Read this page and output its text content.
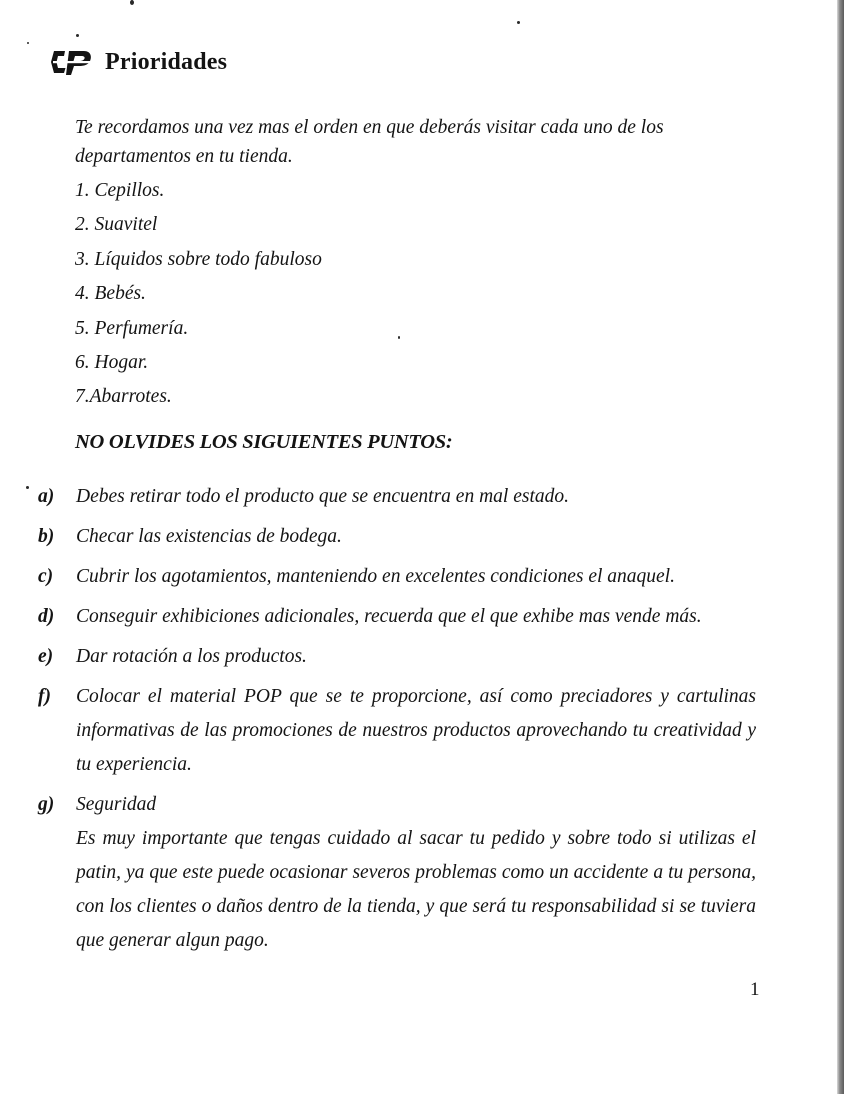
Prioridades

Te recordamos una vez mas el orden en que deberás visitar cada uno de los departamentos en tu tienda.

1. Cepillos.
2. Suavitel
3. Líquidos sobre todo fabuloso
4. Bebés.
5. Perfumería.
6. Hogar.
7.Abarrotes.
NO OLVIDES LOS SIGUIENTES PUNTOS:
a)	Debes retirar todo el producto que se encuentra en mal estado.
b)	Checar las existencias de bodega.
c)	Cubrir los agotamientos, manteniendo en excelentes condiciones el anaquel.
d)	Conseguir exhibiciones adicionales, recuerda que el que exhibe mas vende más.
e)	Dar rotación a los productos.
f)	Colocar el material POP que se te proporcione, así como preciadores y cartulinas informativas de las promociones de nuestros productos aprovechando tu creatividad y tu experiencia.
g)	Seguridad
Es muy importante que tengas cuidado al sacar tu pedido y sobre todo si utilizas el patin, ya que este puede ocasionar severos problemas como un accidente a tu persona, con los clientes o daños dentro de la tienda, y que será tu responsabilidad si se tuviera que generar algun pago.
1
